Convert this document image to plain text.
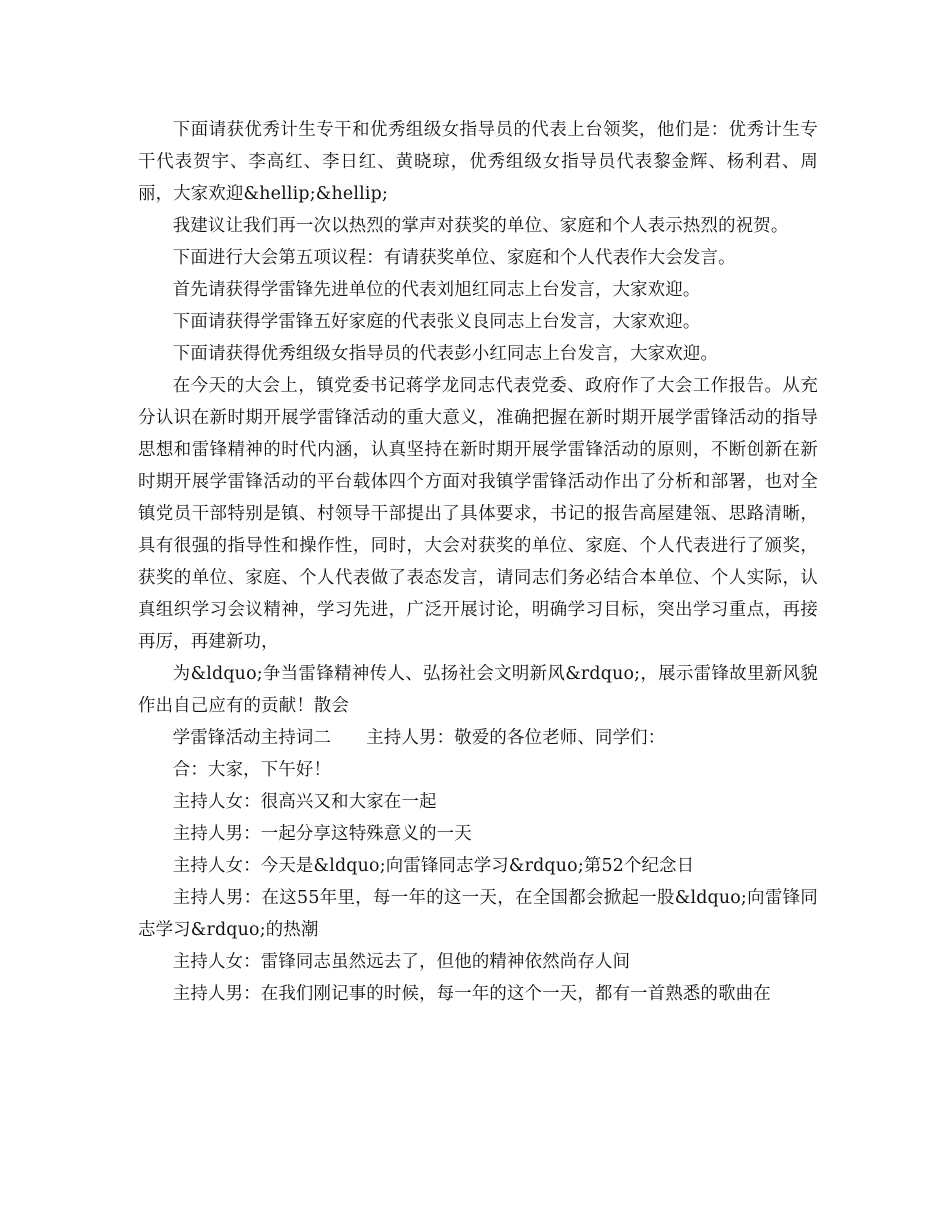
下面请获优秀计生专干和优秀组级女指导员的代表上台领奖，他们是：优秀计生专干代表贺宇、李高红、李日红、黄晓琼，优秀组级女指导员代表黎金辉、杨利君、周丽，大家欢迎&hellip;&hellip;

我建议让我们再一次以热烈的掌声对获奖的单位、家庭和个人表示热烈的祝贺。

下面进行大会第五项议程：有请获奖单位、家庭和个人代表作大会发言。

首先请获得学雷锋先进单位的代表刘旭红同志上台发言，大家欢迎。

下面请获得学雷锋五好家庭的代表张义良同志上台发言，大家欢迎。

下面请获得优秀组级女指导员的代表彭小红同志上台发言，大家欢迎。

在今天的大会上，镇党委书记蒋学龙同志代表党委、政府作了大会工作报告。从充分认识在新时期开展学雷锋活动的重大意义，准确把握在新时期开展学雷锋活动的指导思想和雷锋精神的时代内涵，认真坚持在新时期开展学雷锋活动的原则，不断创新在新时期开展学雷锋活动的平台载体四个方面对我镇学雷锋活动作出了分析和部署，也对全镇党员干部特别是镇、村领导干部提出了具体要求，书记的报告高屋建瓴、思路清晰，具有很强的指导性和操作性，同时，大会对获奖的单位、家庭、个人代表进行了颁奖，获奖的单位、家庭、个人代表做了表态发言，请同志们务必结合本单位、个人实际，认真组织学习会议精神，学习先进，广泛开展讨论，明确学习目标，突出学习重点，再接再厉，再建新功，

为&ldquo;争当雷锋精神传人、弘扬社会文明新风&rdquo;，展示雷锋故里新风貌作出自己应有的贡献！散会

学雷锋活动主持词二　　主持人男：敬爱的各位老师、同学们：

合：大家，下午好！

主持人女：很高兴又和大家在一起

主持人男：一起分享这特殊意义的一天

主持人女：今天是&ldquo;向雷锋同志学习&rdquo;第52个纪念日

主持人男：在这55年里，每一年的这一天，在全国都会掀起一股&ldquo;向雷锋同志学习&rdquo;的热潮

主持人女：雷锋同志虽然远去了，但他的精神依然尚存人间

主持人男：在我们刚记事的时候，每一年的这个一天，都有一首熟悉的歌曲在
